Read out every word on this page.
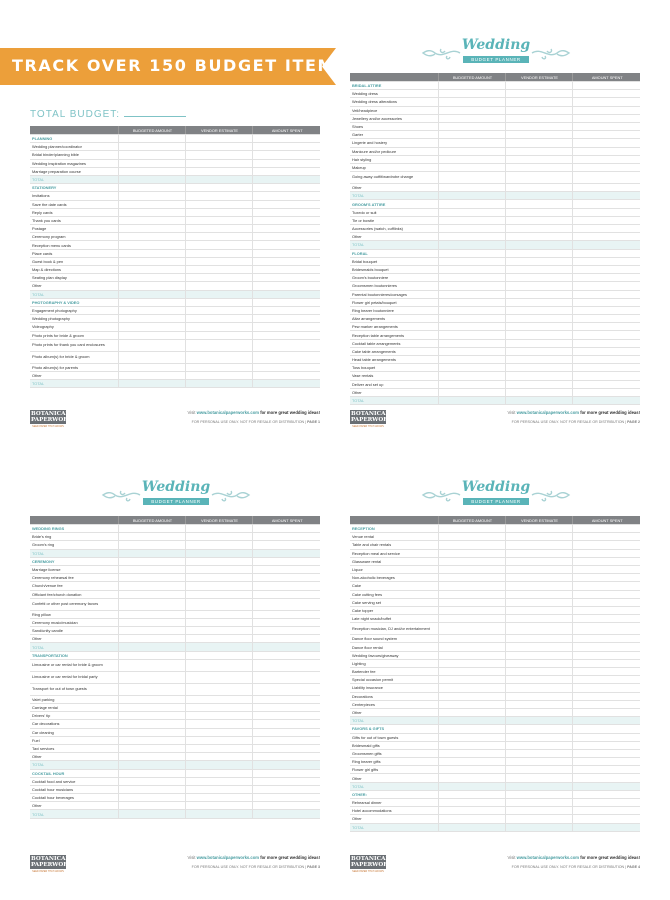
TRACK OVER 150 BUDGET ITEMS
TOTAL BUDGET:
Wedding
BUDGET PLANNER
Wedding
BUDGET PLANNER
Wedding
BUDGET PLANNER
	BUDGETED AMOUNT	VENDOR ESTIMATE	AMOUNT SPENT
PLANNING			
Wedding planner/coordinator			
Bridal binder/planning bible			
Wedding inspiration magazines			
Marriage preparation course			
TOTAL			
STATIONERY			
Invitations			
Save the date cards			
Reply cards			
Thank you cards			
Postage			
Ceremony program			
Reception menu cards			
Place cards			
Guest book & pen			
Map & directions			
Seating plan display			
Other			
TOTAL			
PHOTOGRAPHY & VIDEO			
Engagement photography			
Wedding photography			
Videography			
Photo prints for bride & groom			
Photo prints for thank you card enclosures			
Photo album(s) for bride & groom			
Photo album(s) for parents			
Other			
TOTAL			
	BUDGETED AMOUNT	VENDOR ESTIMATE	AMOUNT SPENT
BRIDAL ATTIRE			
Wedding dress			
Wedding dress alterations			
Veil/headpiece			
Jewellery and/or accessories			
Shoes			
Garter			
Lingerie and hosiery			
Manicure and/or pedicure			
Hair styling			
Makeup			
Going away outfit/wardrobe change			
Other			
TOTAL			
GROOM'S ATTIRE			
Tuxedo or suit			
Tie or bowtie			
Accessories (watch, cufflinks)			
Other			
TOTAL			
FLORAL			
Bridal bouquet			
Bridesmaids bouquet			
Groom's boutonniere			
Groomsmen boutonnieres			
Parental boutonnieres/corsages			
Flower girl petals/bouquet			
Ring bearer boutonniere			
Altar arrangements			
Pew marker arrangements			
Reception table arrangements			
Cocktail table arrangements			
Cake table arrangements			
Head table arrangements			
Toss bouquet			
Vase rentals			
Deliver and set up			
Other			
TOTAL			
	BUDGETED AMOUNT	VENDOR ESTIMATE	AMOUNT SPENT
WEDDING RINGS			
Bride's ring			
Groom's ring			
TOTAL			
CEREMONY			
Marriage license			
Ceremony rehearsal fee			
Church/venue fee			
Officiant fee/church donation			
Confetti or other post ceremony favors			
Ring pillow			
Ceremony music/musician			
Sand/unity candle			
Other			
TOTAL			
TRANSPORTATION			
Limousine or car rental for bride & groom			
Limousine or car rental for bridal party			
Transport for out of town guests			
Valet parking			
Carriage rental			
Drivers' tip			
Car decorations			
Car cleaning			
Fuel			
Taxi services			
Other			
TOTAL			
COCKTAIL HOUR			
Cocktail food and service			
Cocktail hour musicians			
Cocktail hour beverages			
Other			
TOTAL			
	BUDGETED AMOUNT	VENDOR ESTIMATE	AMOUNT SPENT
RECEPTION			
Venue rental			
Table and chair rentals			
Reception meal and service			
Glassware rental			
Liquor			
Non-alcoholic beverages			
Cake			
Cake cutting fees			
Cake serving set			
Cake topper			
Late night snack/buffet			
Reception musician, DJ and/or entertainment			
Dance floor sound system			
Dance floor rental			
Wedding favours/giveaway			
Lighting			
Bartender fee			
Special occasion permit			
Liability insurance			
Decorations			
Centerpieces			
Other			
TOTAL			
FAVORS & GIFTS			
Gifts for out of town guests			
Bridesmaid gifts			
Groomsmen gifts			
Ring bearer gifts			
Flower girl gifts			
Other			
TOTAL			
OTHER:			
Rehearsal dinner			
Hotel accommodations			
Other			
TOTAL			
BOTANICAL
PAPERWORKS
SEED PAPER THAT GROWS
Visit www.botanicalpaperworks.com for more great wedding ideas!
FOR PERSONAL USE ONLY. NOT FOR RESALE OR DISTRIBUTION | PAGE 1
BOTANICAL
PAPERWORKS
SEED PAPER THAT GROWS
Visit www.botanicalpaperworks.com for more great wedding ideas!
FOR PERSONAL USE ONLY. NOT FOR RESALE OR DISTRIBUTION | PAGE 2
BOTANICAL
PAPERWORKS
SEED PAPER THAT GROWS
Visit www.botanicalpaperworks.com for more great wedding ideas!
FOR PERSONAL USE ONLY. NOT FOR RESALE OR DISTRIBUTION | PAGE 3
BOTANICAL
PAPERWORKS
SEED PAPER THAT GROWS
Visit www.botanicalpaperworks.com for more great wedding ideas!
FOR PERSONAL USE ONLY. NOT FOR RESALE OR DISTRIBUTION | PAGE 4
